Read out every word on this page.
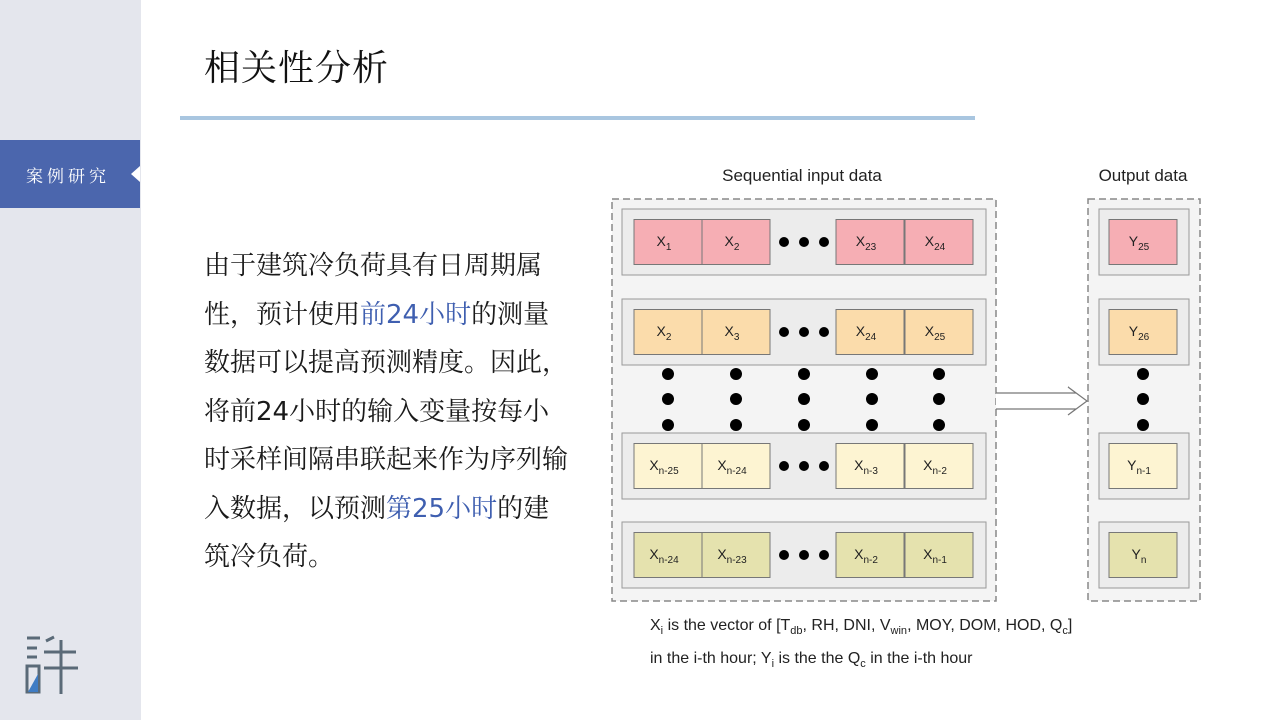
案例研究
相关性分析

由于建筑冷负荷具有日周期属性，预计使用前24小时的测量数据可以提高预测精度。因此，将前24小时的输入变量按每小时采样间隔串联起来作为序列输入数据，以预测第25小时的建筑冷负荷。

Sequential input data	Output data
$X_1$	$X_2$	$X_{23}$	$X_{24}$	$Y_{25}$
$X_2$	$X_3$	$X_{24}$	$X_{25}$	$Y_{26}$
$X_{n-25}$	$X_{n-24}$	$X_{n-3}$	$X_{n-2}$	$Y_{n-1}$
$X_{n-24}$	$X_{n-23}$	$X_{n-2}$	$X_{n-1}$	$Y_n$
$X_i$ is the vector of [$T_{db}$, RH, DNI, $V_{win}$, MOY, DOM, HOD, $Q_c$]
in the i-th hour; $Y_i$ is the the $Q_c$ in the i-th hour
